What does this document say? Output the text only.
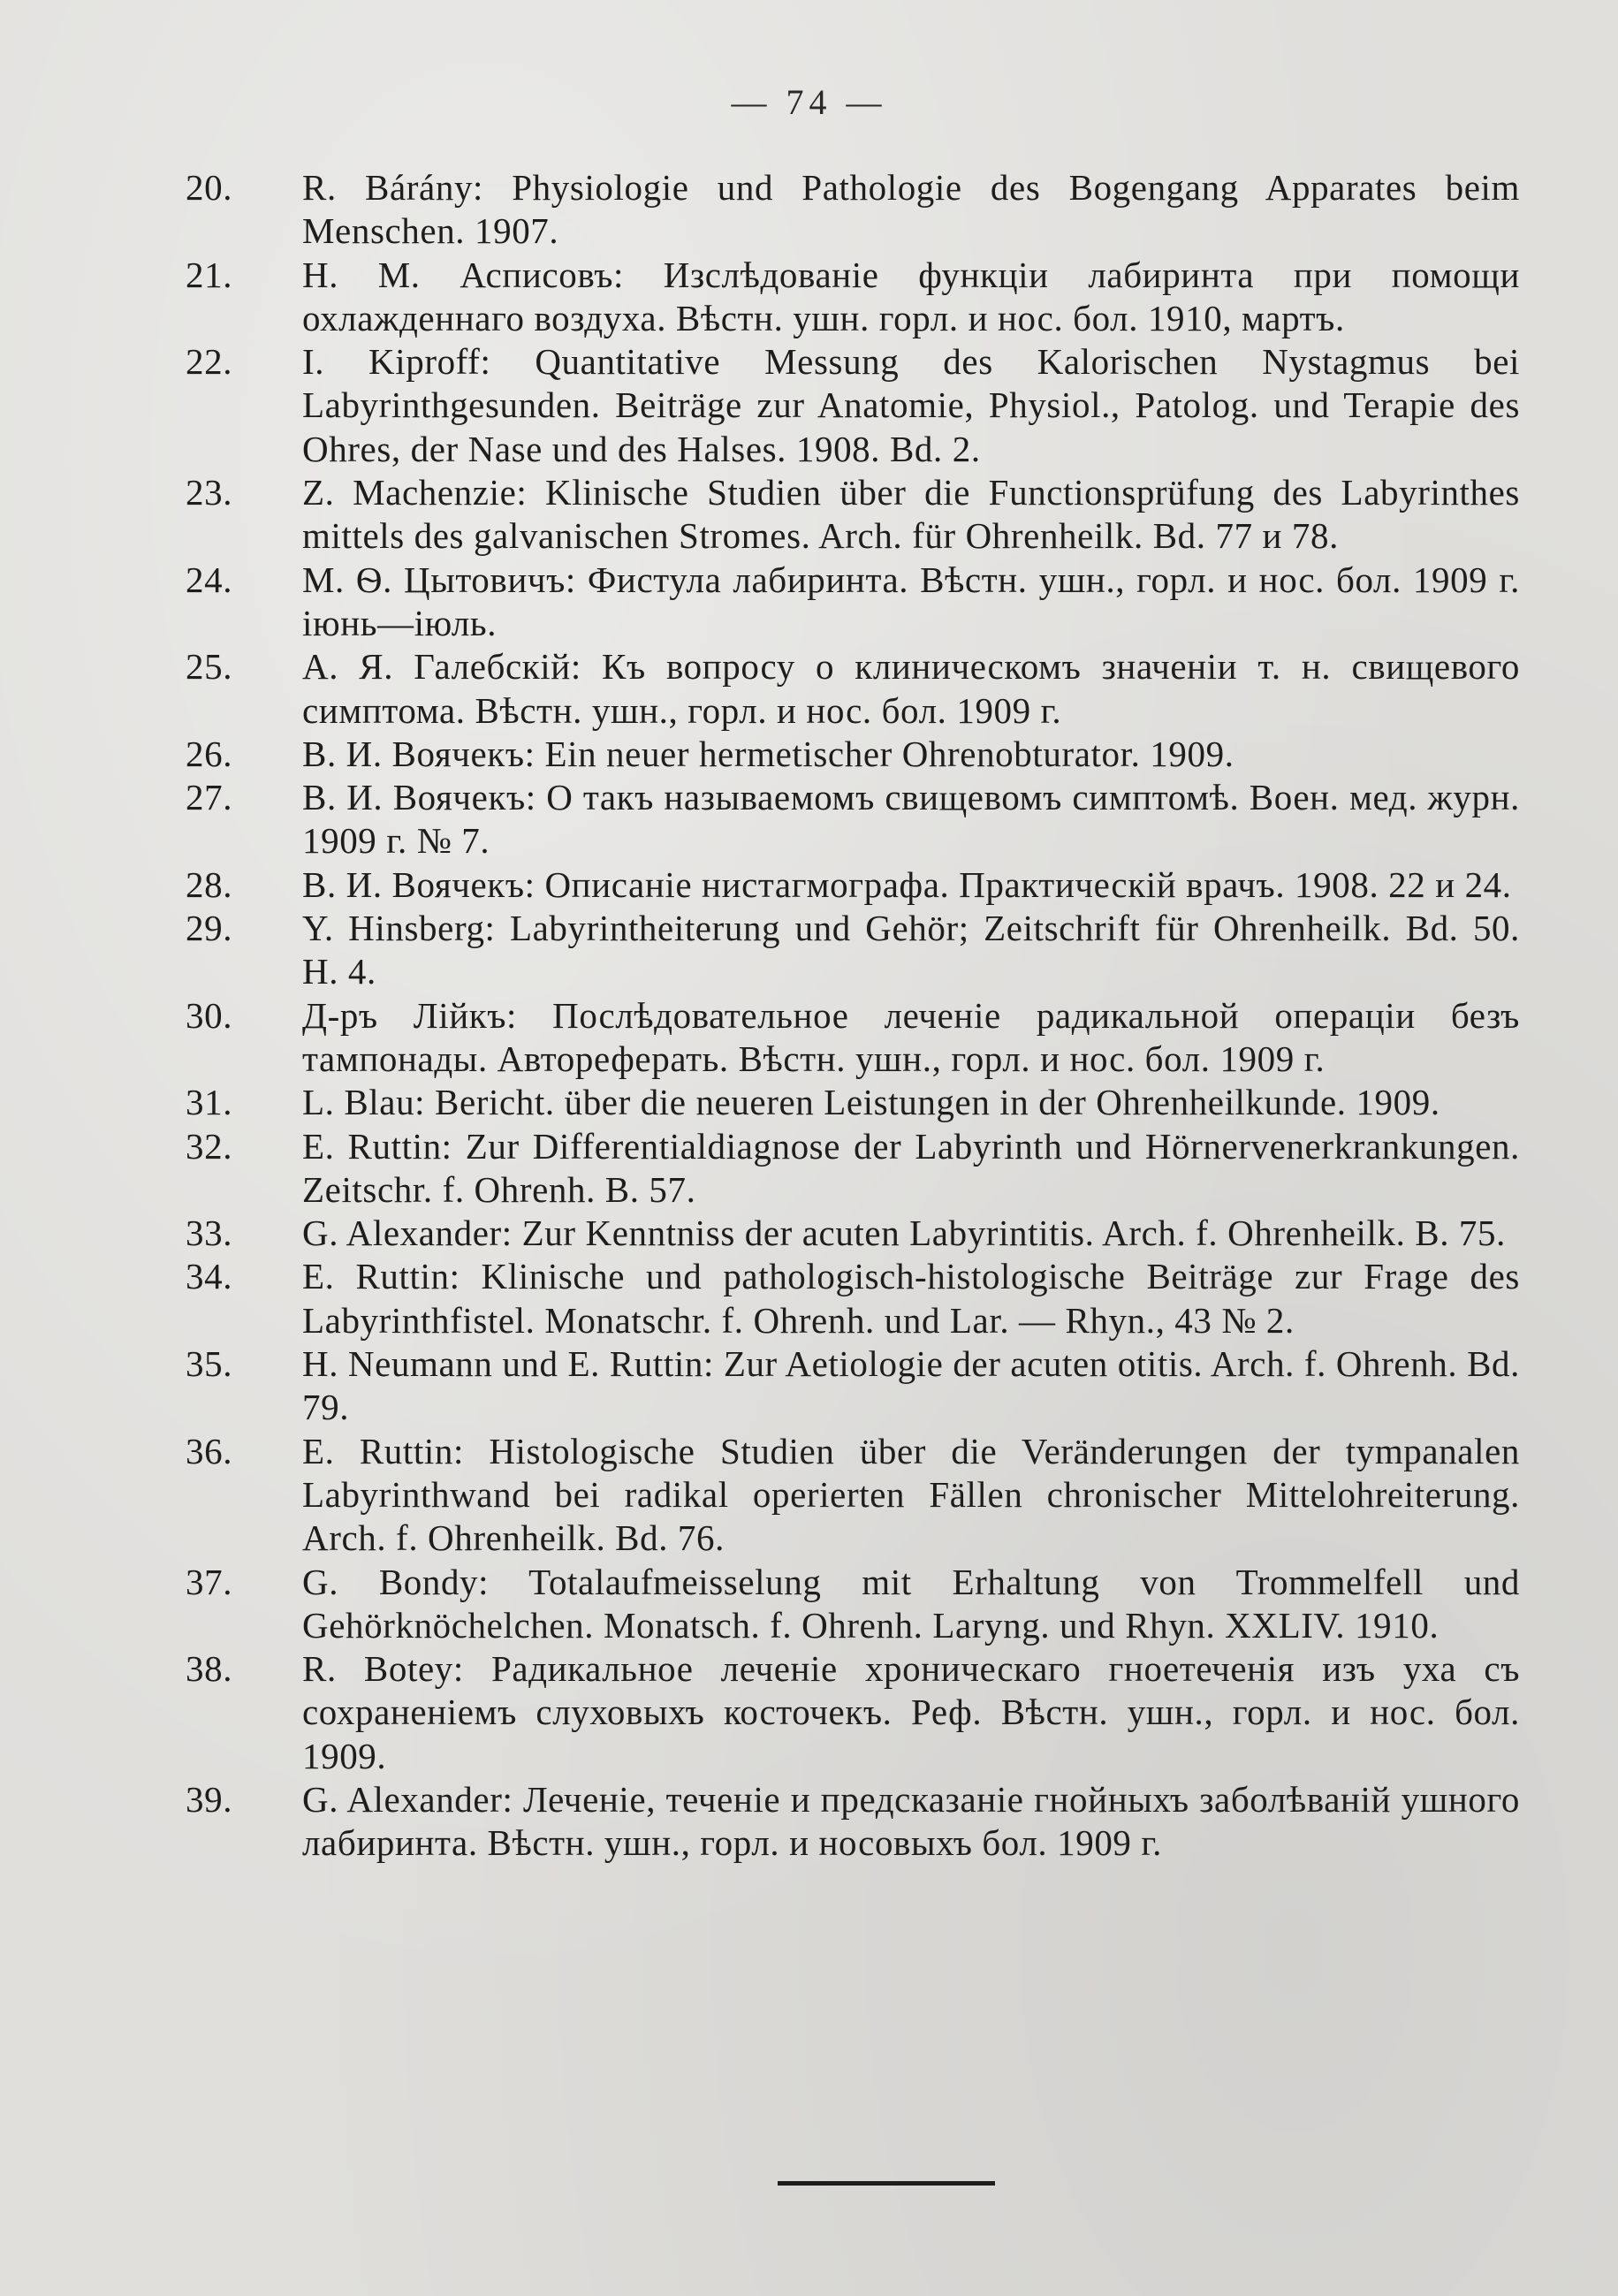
— 74 —
20.	R. Bárány: Physiologie und Pathologie des Bogengang Apparates beim Menschen. 1907.
21.	Н. М. Асписовъ: Изслѣдованіе функціи лабиринта при помощи охлажденнаго воздуха. Вѣстн. ушн. горл. и нос. бол. 1910, мартъ.
22.	I. Kiproff: Quantitative Messung des Kalorischen Nystagmus bei Labyrinthgesunden. Beiträge zur Anatomie, Physiol., Patolog. und Terapie des Ohres, der Nase und des Halses. 1908. Bd. 2.
23.	Z. Machenzie: Klinische Studien über die Functionsprüfung des Labyrinthes mittels des galvanischen Stromes. Arch. für Ohrenheilk. Bd. 77 и 78.
24.	М. Ѳ. Цытовичъ: Фистула лабиринта. Вѣстн. ушн., горл. и нос. бол. 1909 г. іюнь—іюль.
25.	А. Я. Галебскій: Къ вопросу о клиническомъ значеніи т. н. свищевого симптома. Вѣстн. ушн., горл. и нос. бол. 1909 г.
26.	В. И. Воячекъ: Ein neuer hermetischer Ohrenobturator. 1909.
27.	В. И. Воячекъ: О такъ называемомъ свищевомъ симптомѣ. Воен. мед. журн. 1909 г. № 7.
28.	В. И. Воячекъ: Описаніе нистагмографа. Практическій врачъ. 1908. 22 и 24.
29.	Y. Hinsberg: Labyrintheiterung und Gehör; Zeitschrift für Ohrenheilk. Bd. 50. H. 4.
30.	Д-ръ Лійкъ: Послѣдовательное леченіе радикальной операціи безъ тампонады. Автореферать. Вѣстн. ушн., горл. и нос. бол. 1909 г.
31.	L. Blau: Bericht. über die neueren Leistungen in der Ohrenheilkunde. 1909.
32.	E. Ruttin: Zur Differentialdiagnose der Labyrinth und Hörnervenerkrankungen. Zeitschr. f. Ohrenh. B. 57.
33.	G. Alexander: Zur Kenntniss der acuten Labyrintitis. Arch. f. Ohrenheilk. B. 75.
34.	E. Ruttin: Klinische und pathologisch-histologische Beiträge zur Frage des Labyrinthfistel. Monatschr. f. Ohrenh. und Lar. — Rhyn., 43 № 2.
35.	H. Neumann und E. Ruttin: Zur Aetiologie der acuten otitis. Arch. f. Ohrenh. Bd. 79.
36.	E. Ruttin: Histologische Studien über die Veränderungen der tympanalen Labyrinthwand bei radikal operierten Fällen chronischer Mittelohreiterung. Arch. f. Ohrenheilk. Bd. 76.
37.	G. Bondy: Totalaufmeisselung mit Erhaltung von Trommelfell und Gehörknöchelchen. Monatsch. f. Ohrenh. Laryng. und Rhyn. XXLIV. 1910.
38.	R. Botey: Радикальное леченіе хроническаго гноетеченія изъ уха съ сохраненіемъ слуховыхъ косточекъ. Реф. Вѣстн. ушн., горл. и нос. бол. 1909.
39.	G. Alexander: Леченіе, теченіе и предсказаніе гнойныхъ заболѣваній ушного лабиринта. Вѣстн. ушн., горл. и носовыхъ бол. 1909 г.
